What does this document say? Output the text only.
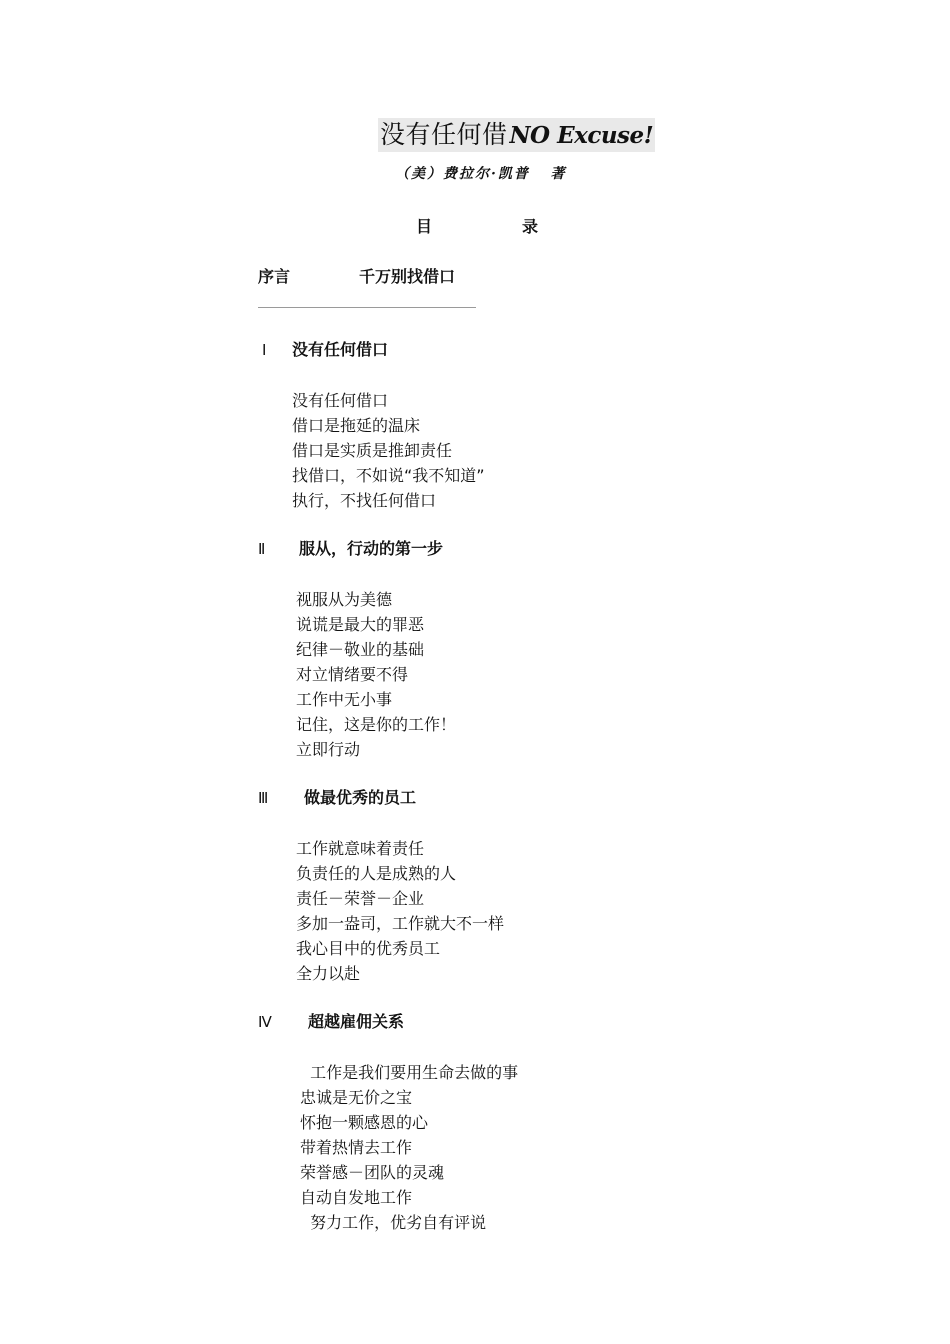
没有任何借 NO Excuse!
（美）费拉尔·凯普   著
目	录
序言	千万别找借口
Ⅰ	没有任何借口
没有任何借口
借口是拖延的温床
借口是实质是推卸责任
找借口，不如说“我不知道”
执行，不找任何借口
Ⅱ	服从，行动的第一步
视服从为美德
说谎是最大的罪恶
纪律－敬业的基础
对立情绪要不得
工作中无小事
记住，这是你的工作！
立即行动
Ⅲ	做最优秀的员工
工作就意味着责任
负责任的人是成熟的人
责任－荣誉－企业
多加一盎司，工作就大不一样
我心目中的优秀员工
全力以赴
Ⅳ	超越雇佣关系
工作是我们要用生命去做的事
忠诚是无价之宝
怀抱一颗感恩的心
带着热情去工作
荣誉感－团队的灵魂
自动自发地工作
努力工作，优劣自有评说
